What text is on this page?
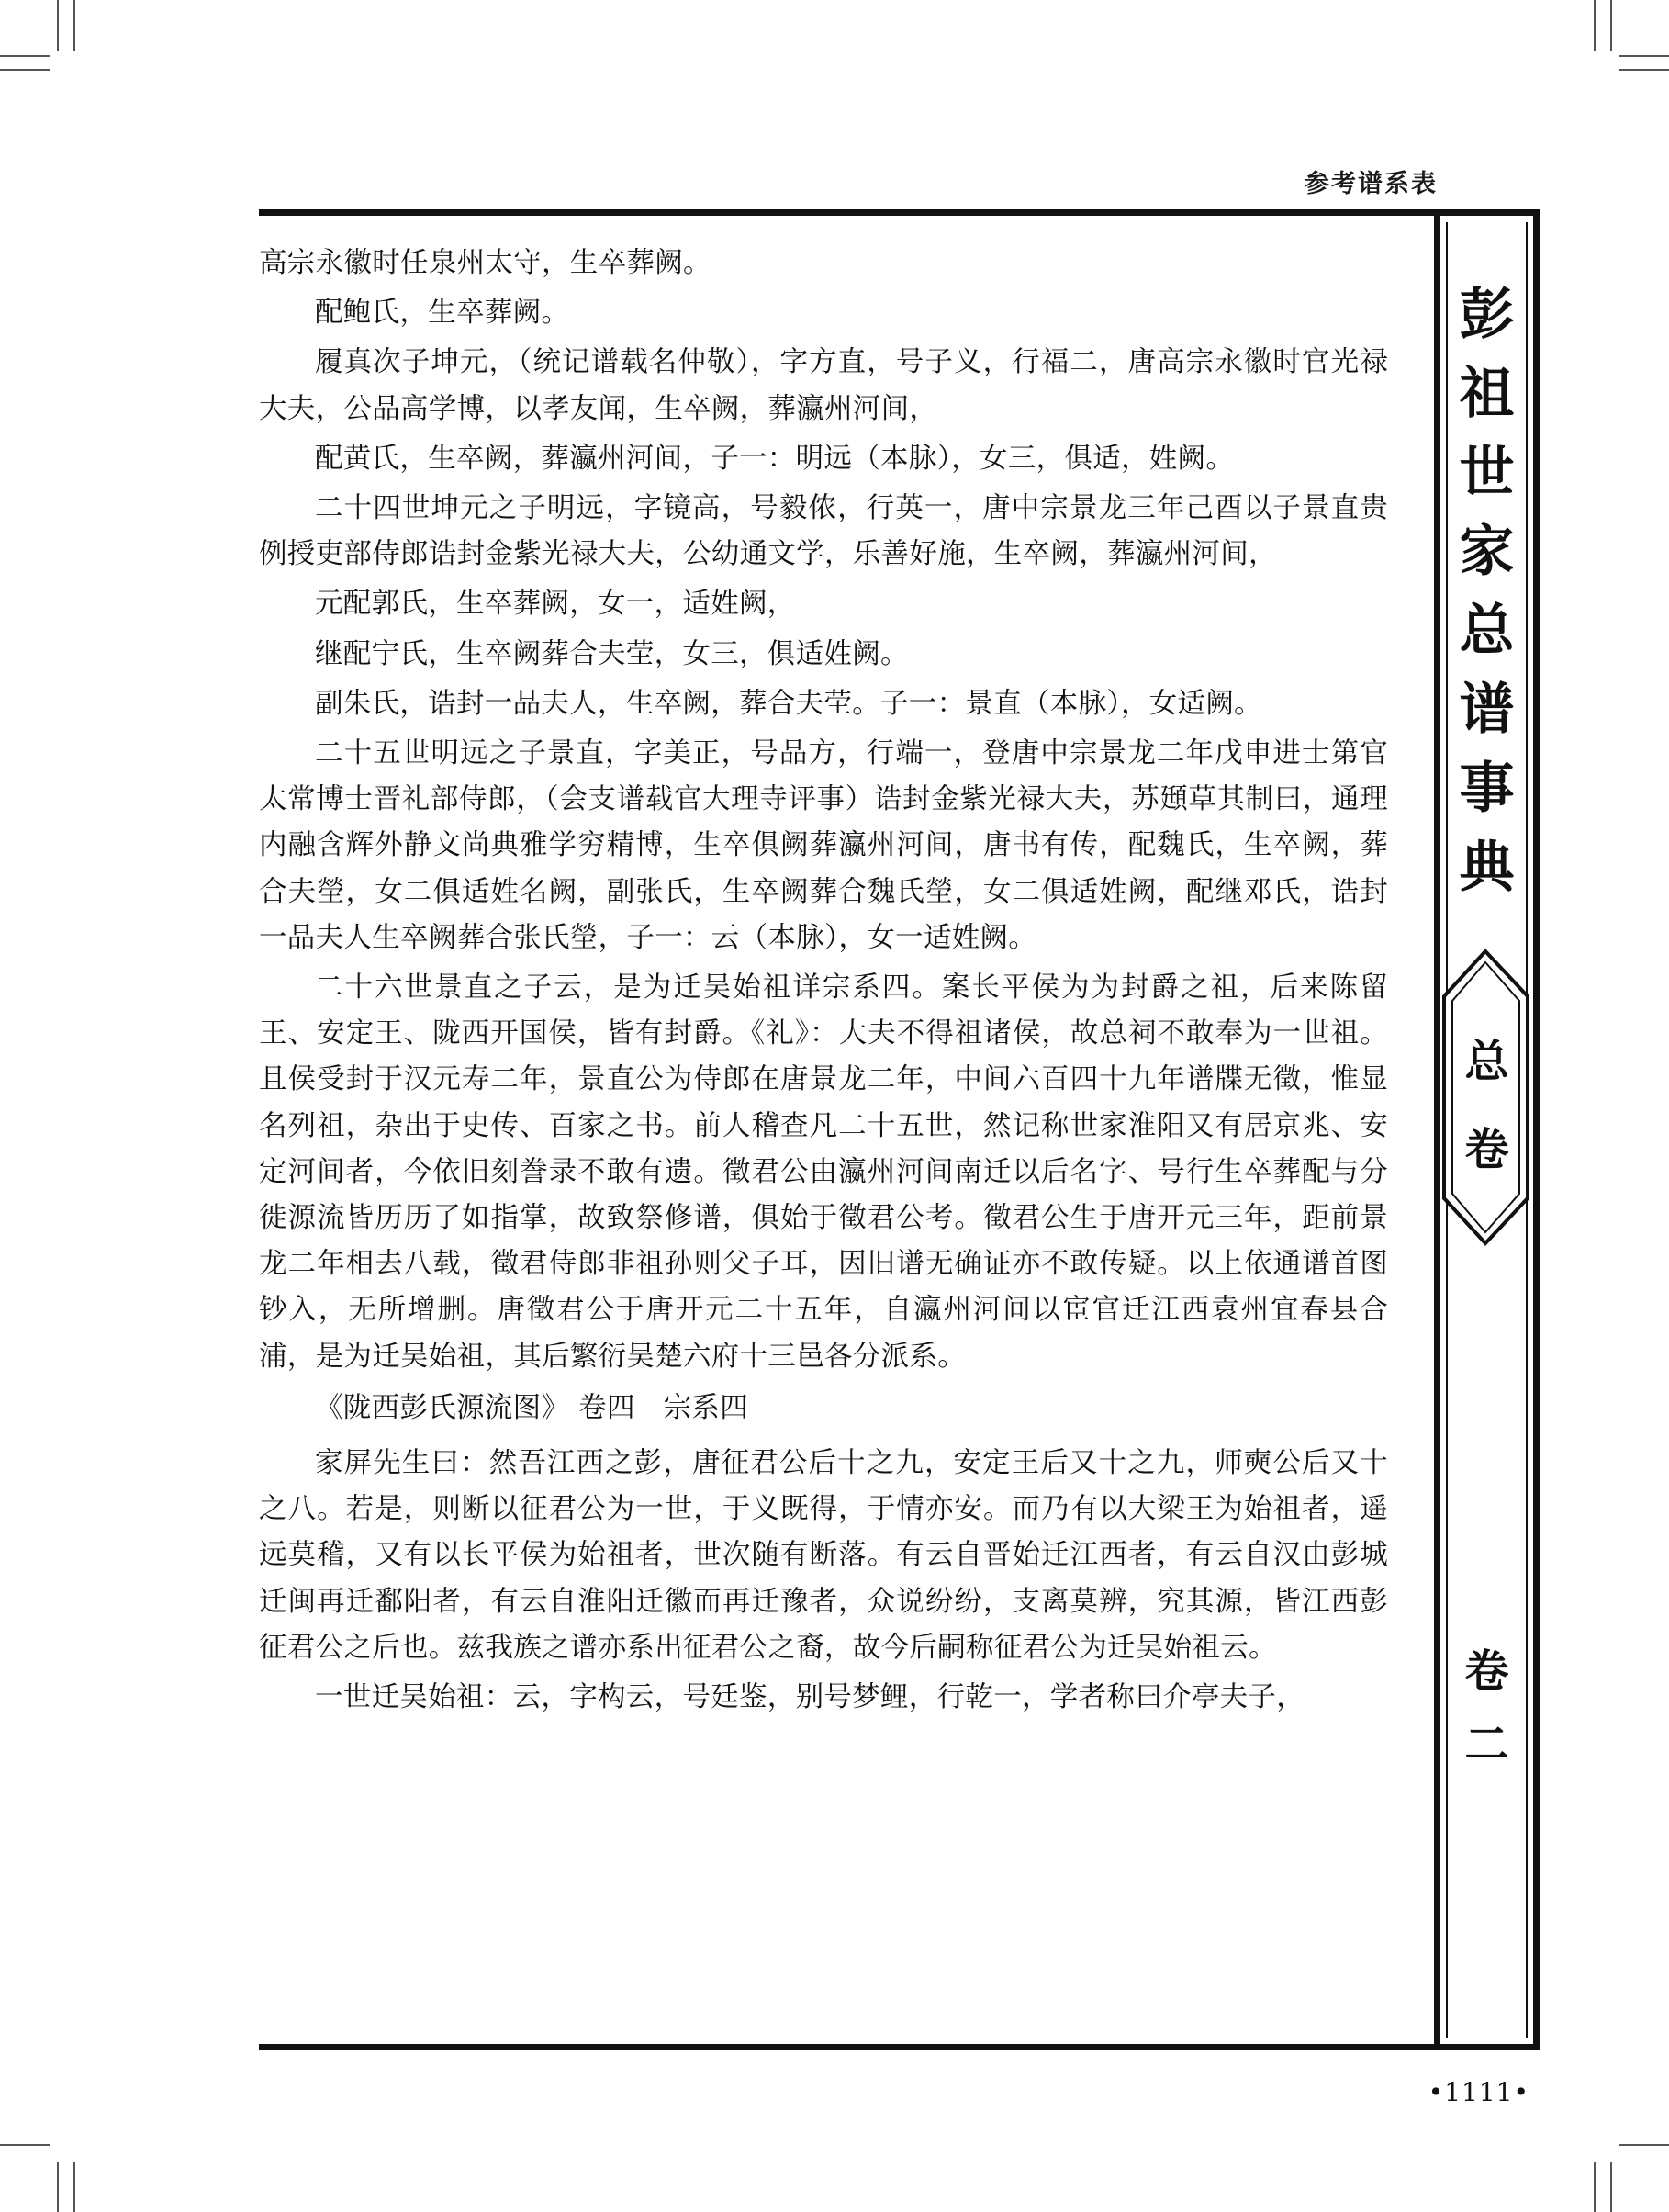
参考谱系表
彭
祖
世
家
总
谱
事
典
总
卷
卷
二

高宗永徽时任泉州太守，生卒葬阙。

配鲍氏，生卒葬阙。

履真次子坤元，（统记谱载名仲敬），字方直，号子义，行福二，唐高宗永徽时官光禄大夫，公品高学博，以孝友闻，生卒阙，葬瀛州河间，

配黄氏，生卒阙，葬瀛州河间，子一：明远（本脉），女三，俱适，姓阙。

二十四世坤元之子明远，字镜高，号毅侬，行英一，唐中宗景龙三年己酉以子景直贵例授吏部侍郎诰封金紫光禄大夫，公幼通文学，乐善好施，生卒阙，葬瀛州河间，

元配郭氏，生卒葬阙，女一，适姓阙，

继配宁氏，生卒阙葬合夫茔，女三，俱适姓阙。

副朱氏，诰封一品夫人，生卒阙，葬合夫茔。子一：景直（本脉），女适阙。

二十五世明远之子景直，字美正，号品方，行端一，登唐中宗景龙二年戊申进士第官太常博士晋礼部侍郎，（会支谱载官大理寺评事）诰封金紫光禄大夫，苏頲草其制曰，通理内融含辉外静文尚典雅学穷精博，生卒俱阙葬瀛州河间，唐书有传，配魏氏，生卒阙，葬合夫塋，女二俱适姓名阙，副张氏，生卒阙葬合魏氏塋，女二俱适姓阙，配继邓氏，诰封一品夫人生卒阙葬合张氏塋，子一：云（本脉），女一适姓阙。

二十六世景直之子云，是为迁吴始祖详宗系四。案长平侯为为封爵之祖，后来陈留王、安定王、陇西开国侯，皆有封爵。《礼》：大夫不得祖诸侯，故总祠不敢奉为一世祖。且侯受封于汉元寿二年，景直公为侍郎在唐景龙二年，中间六百四十九年谱牒无徵，惟显名列祖，杂出于史传、百家之书。前人稽查凡二十五世，然记称世家淮阳又有居京兆、安定河间者，今依旧刻誊录不敢有遗。徵君公由瀛州河间南迁以后名字、号行生卒葬配与分徙源流皆历历了如指掌，故致祭修谱，俱始于徵君公考。徵君公生于唐开元三年，距前景龙二年相去八载，徵君侍郎非祖孙则父子耳，因旧谱无确证亦不敢传疑。以上依通谱首图钞入，无所增删。唐徵君公于唐开元二十五年，自瀛州河间以宦官迁江西袁州宜春县合浦，是为迁吴始祖，其后繁衍吴楚六府十三邑各分派系。

《陇西彭氏源流图》 卷四　宗系四

家屏先生曰：然吾江西之彭，唐征君公后十之九，安定王后又十之九，师奭公后又十之八。若是，则断以征君公为一世，于义既得，于情亦安。而乃有以大梁王为始祖者，遥远莫稽，又有以长平侯为始祖者，世次随有断落。有云自晋始迁江西者，有云自汉由彭城迁闽再迁鄱阳者，有云自淮阳迁徽而再迁豫者，众说纷纷，支离莫辨，究其源，皆江西彭征君公之后也。兹我族之谱亦系出征君公之裔，故今后嗣称征君公为迁吴始祖云。

一世迁吴始祖：云，字构云，号廷鉴，别号梦鲤，行乾一，学者称曰介亭夫子，

•1111•
